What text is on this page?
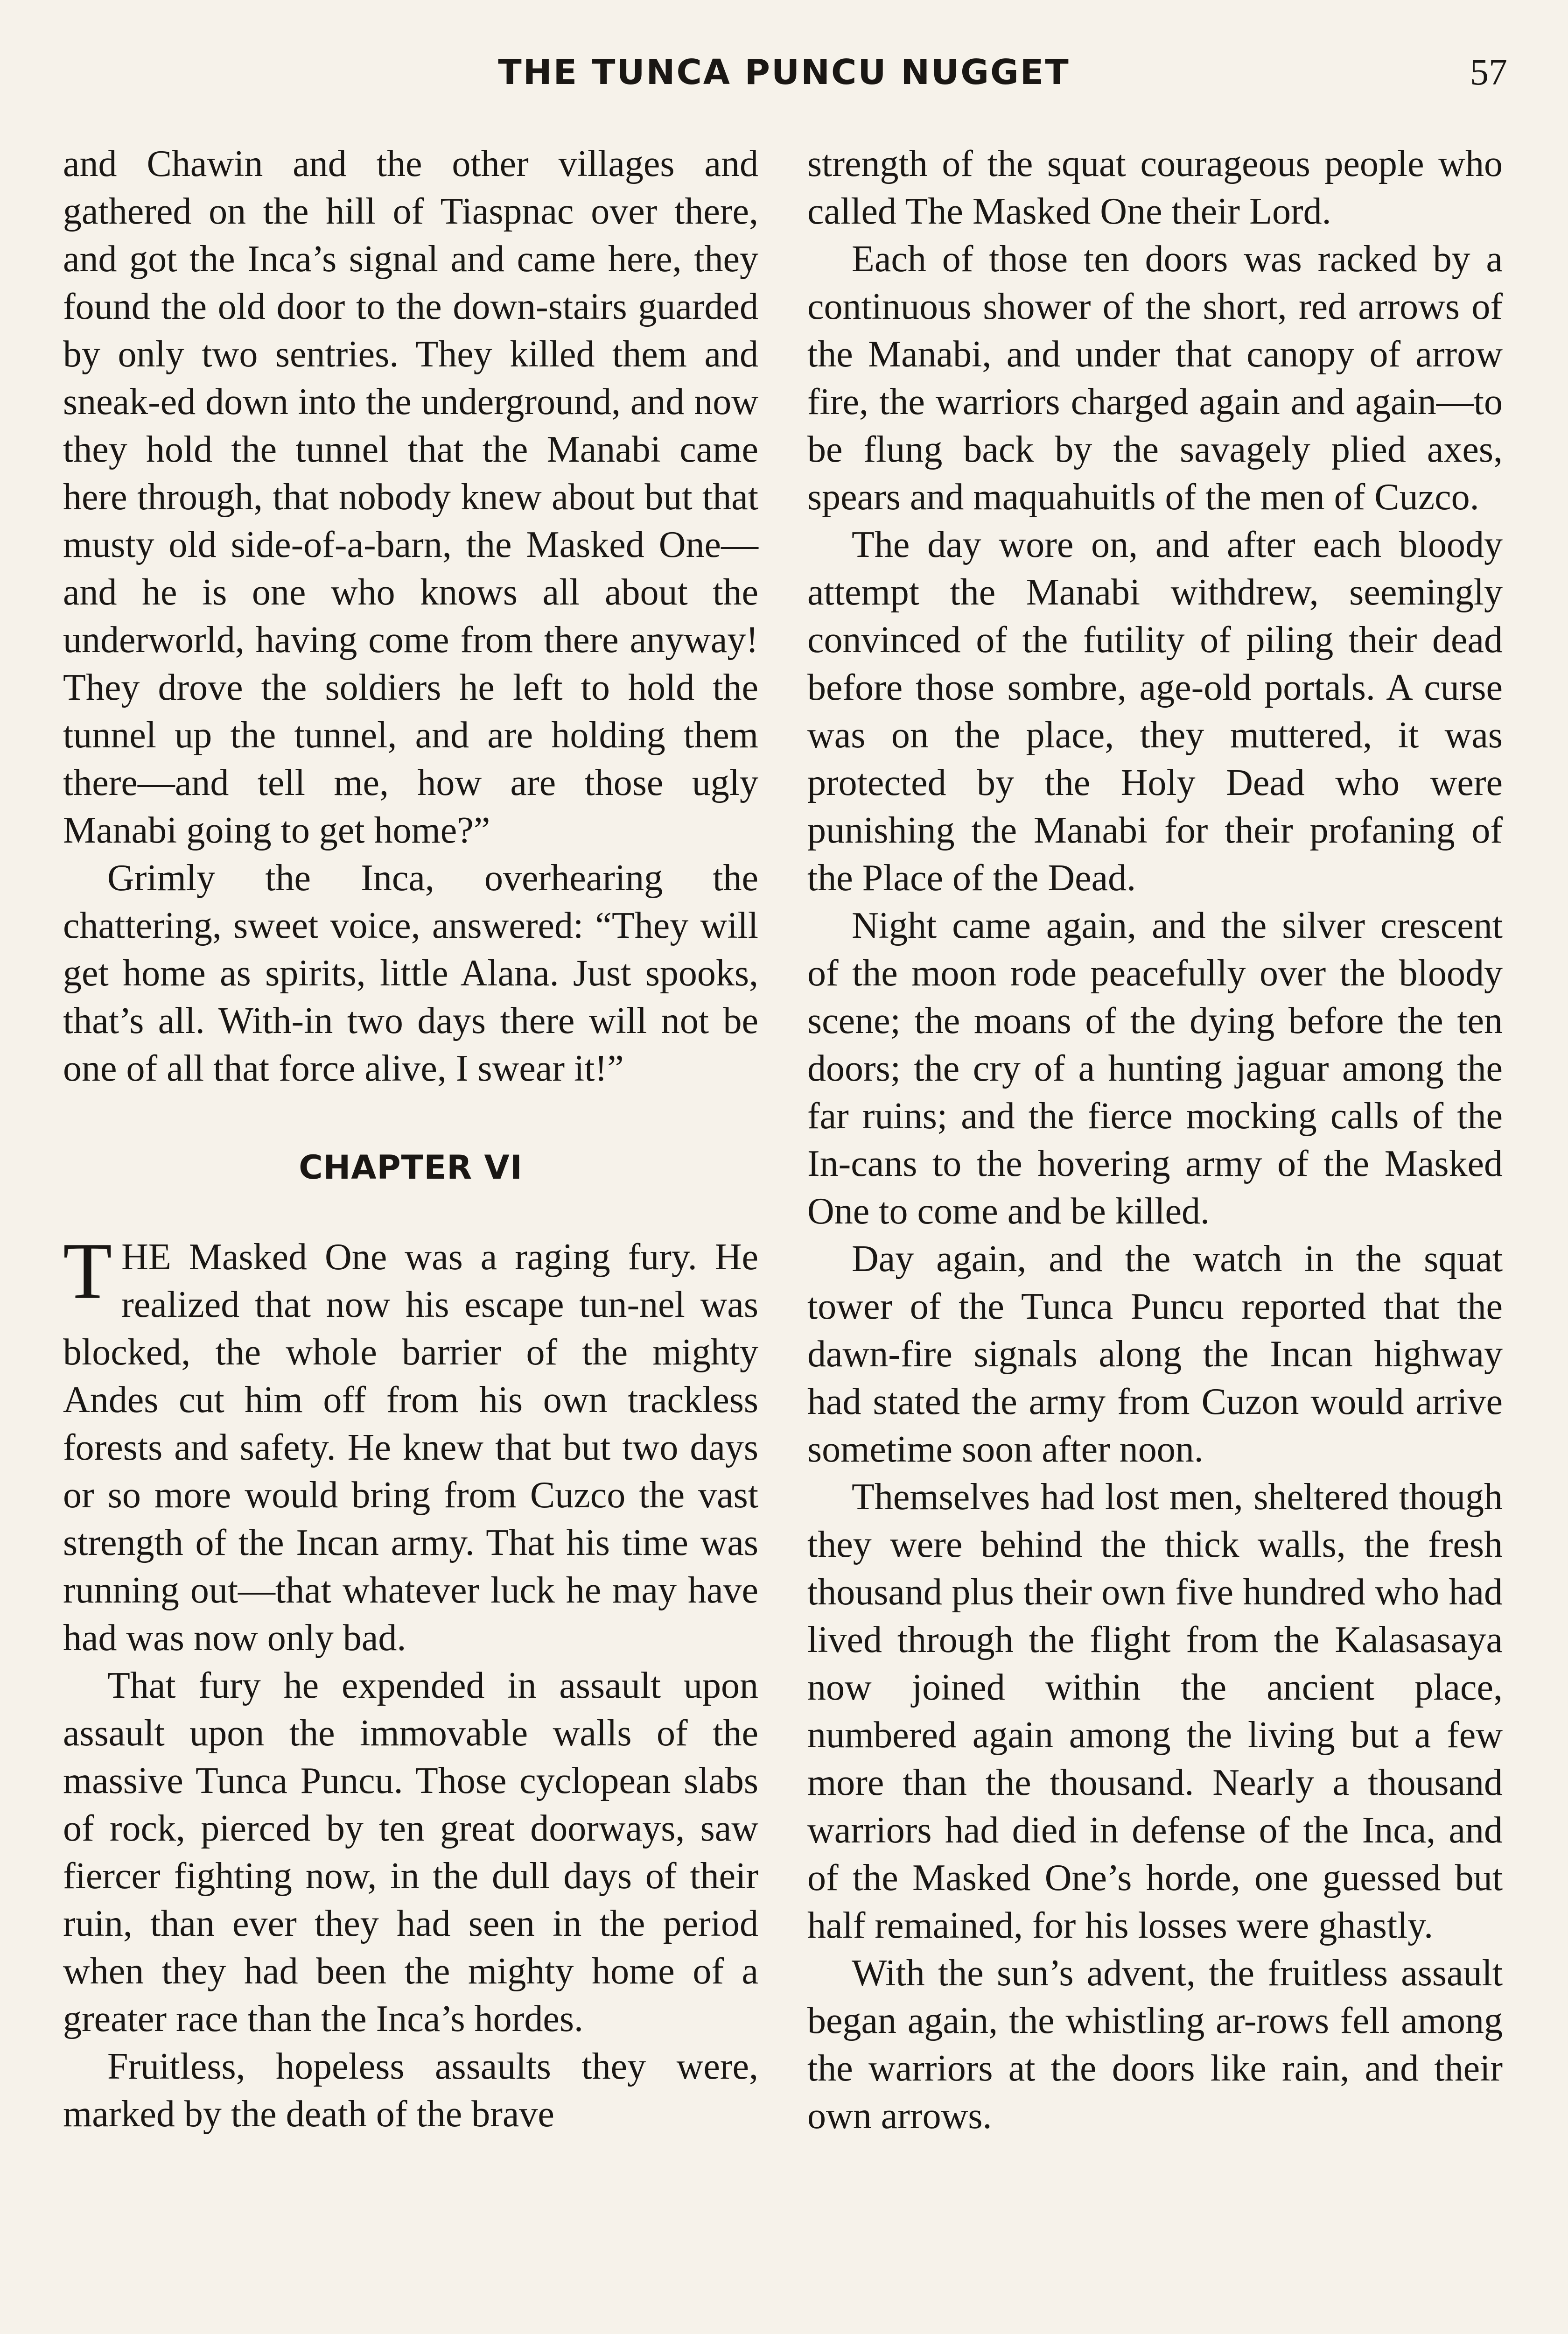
THE TUNCA PUNCU NUGGET	57

and Chawin and the other villages and gathered on the hill of Tiaspnac over there, and got the Inca’s signal and came here, they found the old door to the down-stairs guarded by only two sentries. They killed them and sneak-ed down into the underground, and now they hold the tunnel that the Manabi came here through, that nobody knew about but that musty old side-of-a-barn, the Masked One—and he is one who knows all about the underworld, having come from there anyway! They drove the soldiers he left to hold the tunnel up the tunnel, and are holding them there—and tell me, how are those ugly Manabi going to get home?”

Grimly the Inca, overhearing the chattering, sweet voice, answered: “They will get home as spirits, little Alana. Just spooks, that’s all. With-in two days there will not be one of all that force alive, I swear it!”

CHAPTER VI

THE Masked One was a raging fury. He realized that now his escape tun-nel was blocked, the whole barrier of the mighty Andes cut him off from his own trackless forests and safety. He knew that but two days or so more would bring from Cuzco the vast strength of the Incan army. That his time was running out—that whatever luck he may have had was now only bad.

That fury he expended in assault upon assault upon the immovable walls of the massive Tunca Puncu. Those cyclopean slabs of rock, pierced by ten great doorways, saw fiercer fighting now, in the dull days of their ruin, than ever they had seen in the period when they had been the mighty home of a greater race than the Inca’s hordes.

Fruitless, hopeless assaults they were, marked by the death of the brave

strength of the squat courageous people who called The Masked One their Lord.

Each of those ten doors was racked by a continuous shower of the short, red arrows of the Manabi, and under that canopy of arrow fire, the warriors charged again and again—to be flung back by the savagely plied axes, spears and maquahuitls of the men of Cuzco.

The day wore on, and after each bloody attempt the Manabi withdrew, seemingly convinced of the futility of piling their dead before those sombre, age-old portals. A curse was on the place, they muttered, it was protected by the Holy Dead who were punishing the Manabi for their profaning of the Place of the Dead.

Night came again, and the silver crescent of the moon rode peacefully over the bloody scene; the moans of the dying before the ten doors; the cry of a hunting jaguar among the far ruins; and the fierce mocking calls of the In-cans to the hovering army of the Masked One to come and be killed.

Day again, and the watch in the squat tower of the Tunca Puncu reported that the dawn-fire signals along the Incan highway had stated the army from Cuzon would arrive sometime soon after noon.

Themselves had lost men, sheltered though they were behind the thick walls, the fresh thousand plus their own five hundred who had lived through the flight from the Kalasasaya now joined within the ancient place, numbered again among the living but a few more than the thousand. Nearly a thousand warriors had died in defense of the Inca, and of the Masked One’s horde, one guessed but half remained, for his losses were ghastly.

With the sun’s advent, the fruitless assault began again, the whistling ar-rows fell among the warriors at the doors like rain, and their own arrows.
